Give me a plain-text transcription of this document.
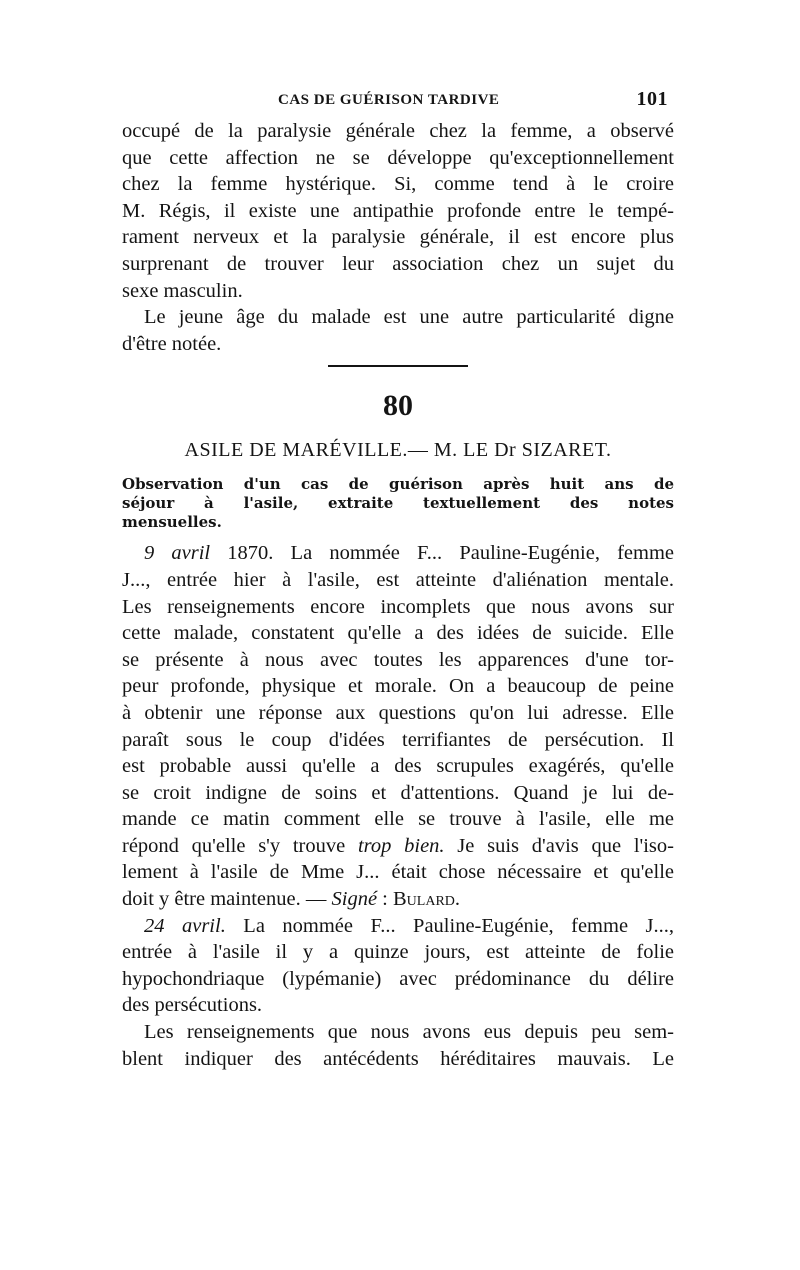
CAS DE GUÉRISON TARDIVE	101
occupé de la paralysie générale chez la femme, a observé
que cette affection ne se développe qu'exceptionnellement
chez la femme hystérique. Si, comme tend à le croire
M. Régis, il existe une antipathie profonde entre le tempé-
rament nerveux et la paralysie générale, il est encore plus
surprenant de trouver leur association chez un sujet du
sexe masculin.
Le jeune âge du malade est une autre particularité digne
d'être notée.
80
ASILE DE MARÉVILLE.— M. LE Dr SIZARET.
Observation d'un cas de guérison après huit ans de
séjour à l'asile, extraite textuellement des notes
mensuelles.
9 avril 1870. La nommée F... Pauline-Eugénie, femme
J..., entrée hier à l'asile, est atteinte d'aliénation mentale.
Les renseignements encore incomplets que nous avons sur
cette malade, constatent qu'elle a des idées de suicide. Elle
se présente à nous avec toutes les apparences d'une tor-
peur profonde, physique et morale. On a beaucoup de peine
à obtenir une réponse aux questions qu'on lui adresse. Elle
paraît sous le coup d'idées terrifiantes de persécution. Il
est probable aussi qu'elle a des scrupules exagérés, qu'elle
se croit indigne de soins et d'attentions. Quand je lui de-
mande ce matin comment elle se trouve à l'asile, elle me
répond qu'elle s'y trouve trop bien. Je suis d'avis que l'iso-
lement à l'asile de Mme J... était chose nécessaire et qu'elle
doit y être maintenue. — Signé : Bulard.
24 avril. La nommée F... Pauline-Eugénie, femme J...,
entrée à l'asile il y a quinze jours, est atteinte de folie
hypochondriaque (lypémanie) avec prédominance du délire
des persécutions.
Les renseignements que nous avons eus depuis peu sem-
blent indiquer des antécédents héréditaires mauvais. Le
